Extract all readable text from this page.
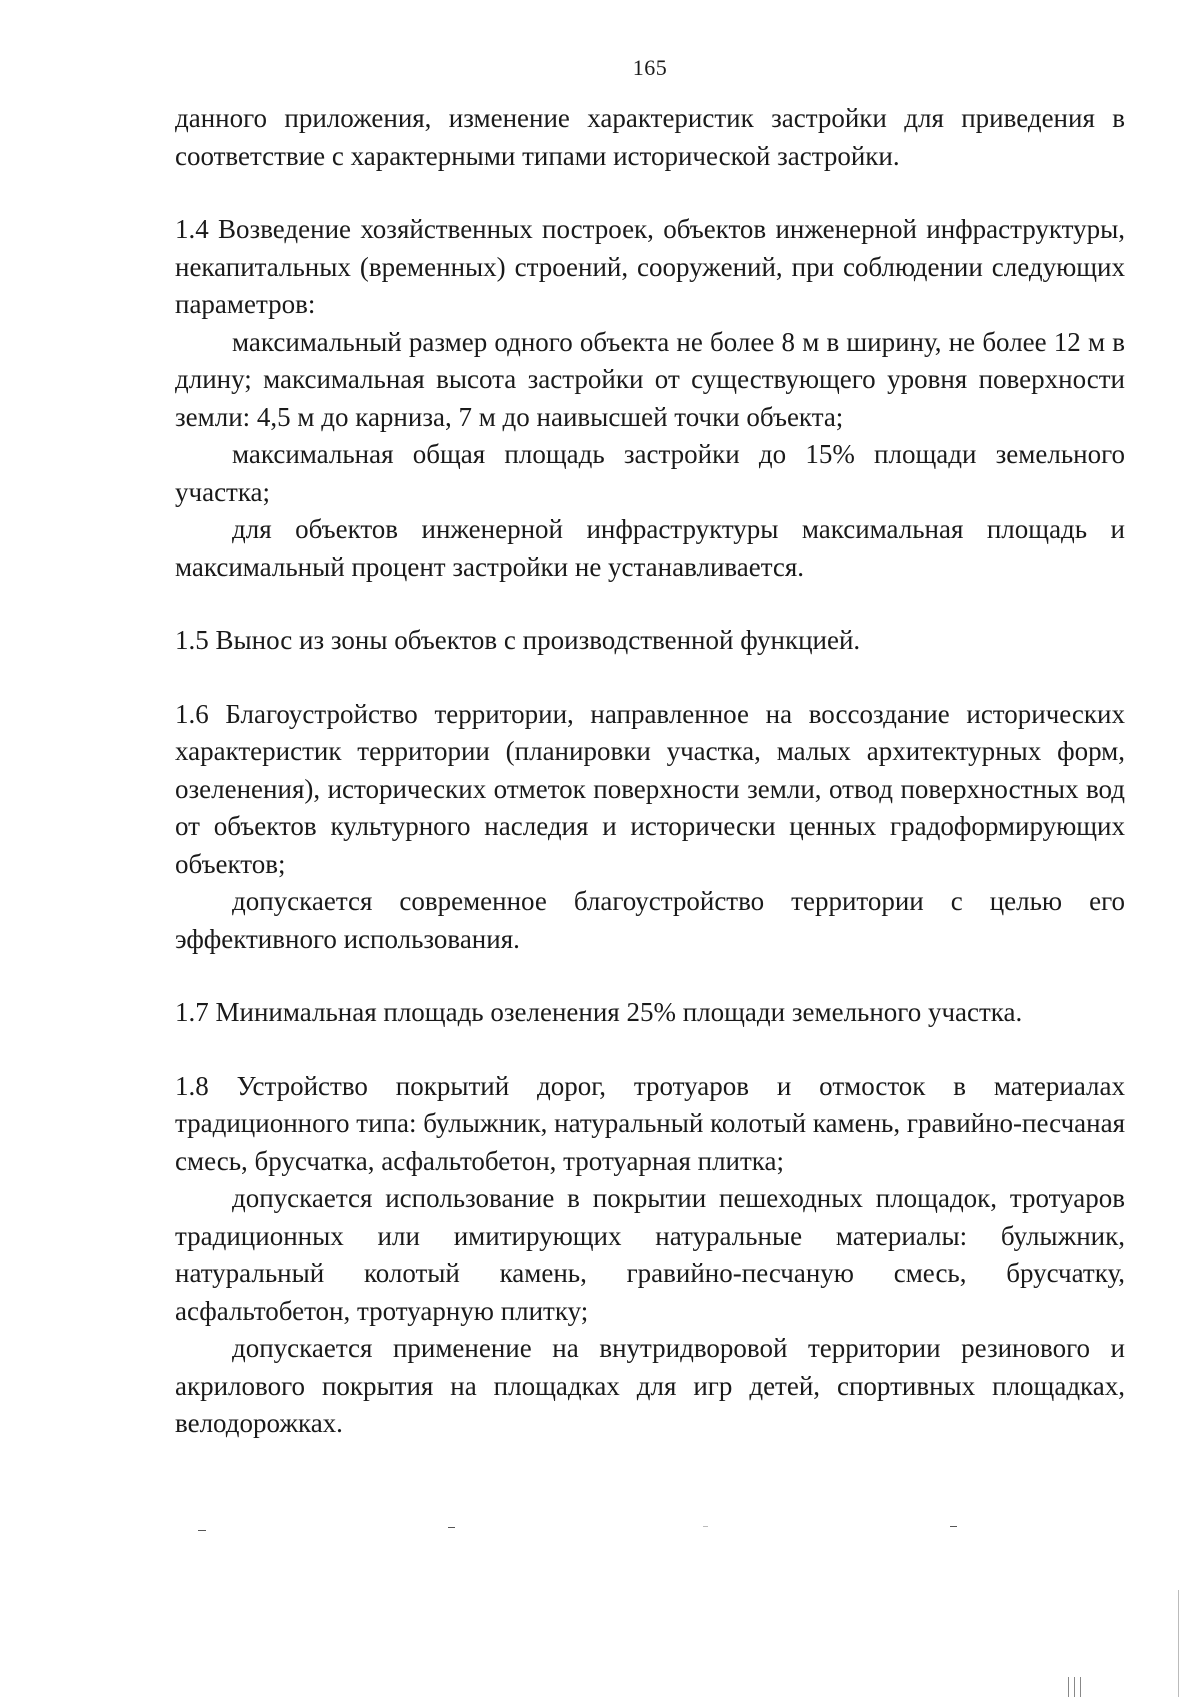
165

данного приложения, изменение характеристик застройки для приведения в соответствие с характерными типами исторической застройки.

1.4 Возведение хозяйственных построек, объектов инженерной инфраструктуры, некапитальных (временных) строений, сооружений, при соблюдении следующих параметров:

максимальный размер одного объекта не более 8 м в ширину, не более 12 м в длину; максимальная высота застройки от существующего уровня поверхности земли: 4,5 м до карниза, 7 м до наивысшей точки объекта;

максимальная общая площадь застройки до 15% площади земельного участка;

для объектов инженерной инфраструктуры максимальная площадь и максимальный процент застройки не устанавливается.

1.5 Вынос из зоны объектов с производственной функцией.

1.6 Благоустройство территории, направленное на воссоздание исторических характеристик территории (планировки участка, малых архитектурных форм, озеленения), исторических отметок поверхности земли, отвод поверхностных вод от объектов культурного наследия и исторически ценных градоформирующих объектов;

допускается современное благоустройство территории с целью его эффективного использования.

1.7 Минимальная площадь озеленения 25% площади земельного участка.

1.8 Устройство покрытий дорог, тротуаров и отмосток в материалах традиционного типа: булыжник, натуральный колотый камень, гравийно-песчаная смесь, брусчатка, асфальтобетон, тротуарная плитка;

допускается использование в покрытии пешеходных площадок, тротуаров традиционных или имитирующих натуральные материалы: булыжник, натуральный колотый камень, гравийно-песчаную смесь, брусчатку, асфальтобетон, тротуарную плитку;

допускается применение на внутридворовой территории резинового и акрилового покрытия на площадках для игр детей, спортивных площадках, велодорожках.
